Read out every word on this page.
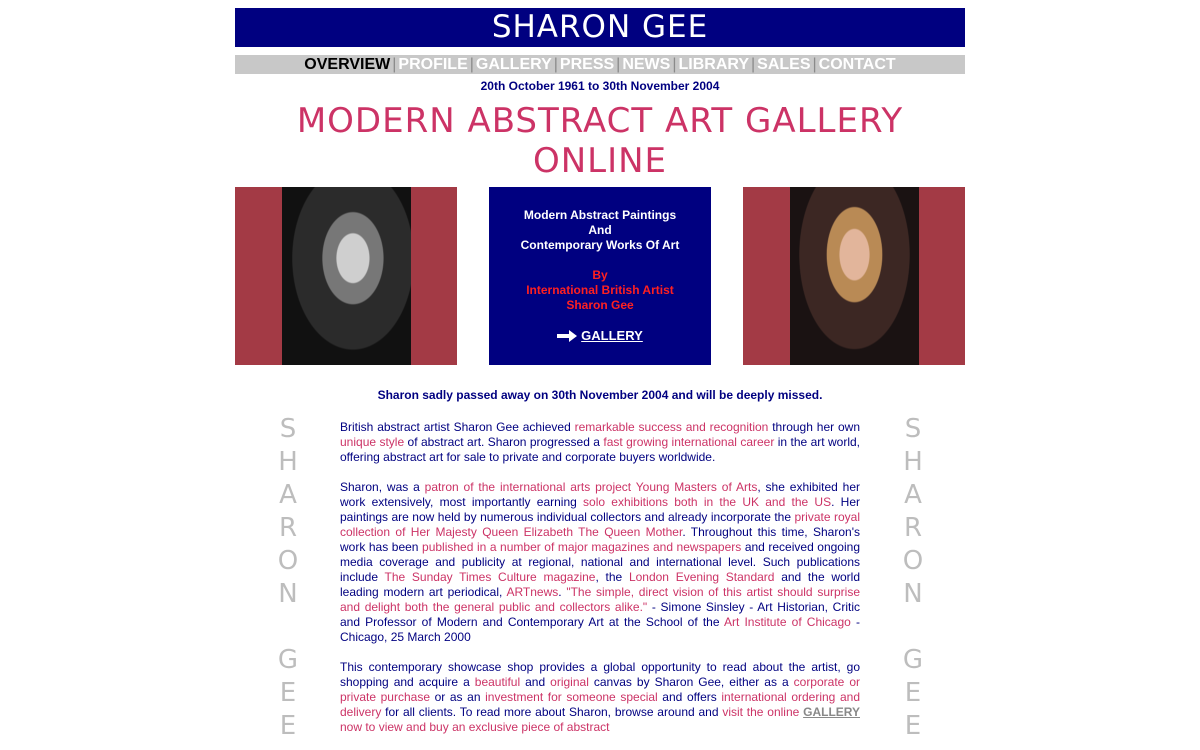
SHARON GEE
OVERVIEW | PROFILE | GALLERY | PRESS | NEWS | LIBRARY | SALES | CONTACT
20th October 1961 to 30th November 2004
MODERN ABSTRACT ART GALLERY ONLINE
Modern Abstract Paintings
And
Contemporary Works Of Art
By
International British Artist
Sharon Gee
GALLERY
Sharon sadly passed away on 30th November 2004 and will be deeply missed.
S
H
A
R
O
N
G
E
E
S
H
A
R
O
N
G
E
E

British abstract artist Sharon Gee achieved remarkable success and recognition through her own unique style of abstract art. Sharon progressed a fast growing international career in the art world, offering abstract art for sale to private and corporate buyers worldwide.

Sharon, was a patron of the international arts project Young Masters of Arts, she exhibited her work extensively, most importantly earning solo exhibitions both in the UK and the US. Her paintings are now held by numerous individual collectors and already incorporate the private royal collection of Her Majesty Queen Elizabeth The Queen Mother. Throughout this time, Sharon's work has been published in a number of major magazines and newspapers and received ongoing media coverage and publicity at regional, national and international level. Such publications include The Sunday Times Culture magazine, the London Evening Standard and the world leading modern art periodical, ARTnews. "The simple, direct vision of this artist should surprise and delight both the general public and collectors alike." - Simone Sinsley - Art Historian, Critic and Professor of Modern and Contemporary Art at the School of the Art Institute of Chicago - Chicago, 25 March 2000

This contemporary showcase shop provides a global opportunity to read about the artist, go shopping and acquire a beautiful and original canvas by Sharon Gee, either as a corporate or private purchase or as an investment for someone special and offers international ordering and delivery for all clients. To read more about Sharon, browse around and visit the online GALLERY now to view and buy an exclusive piece of abstract
